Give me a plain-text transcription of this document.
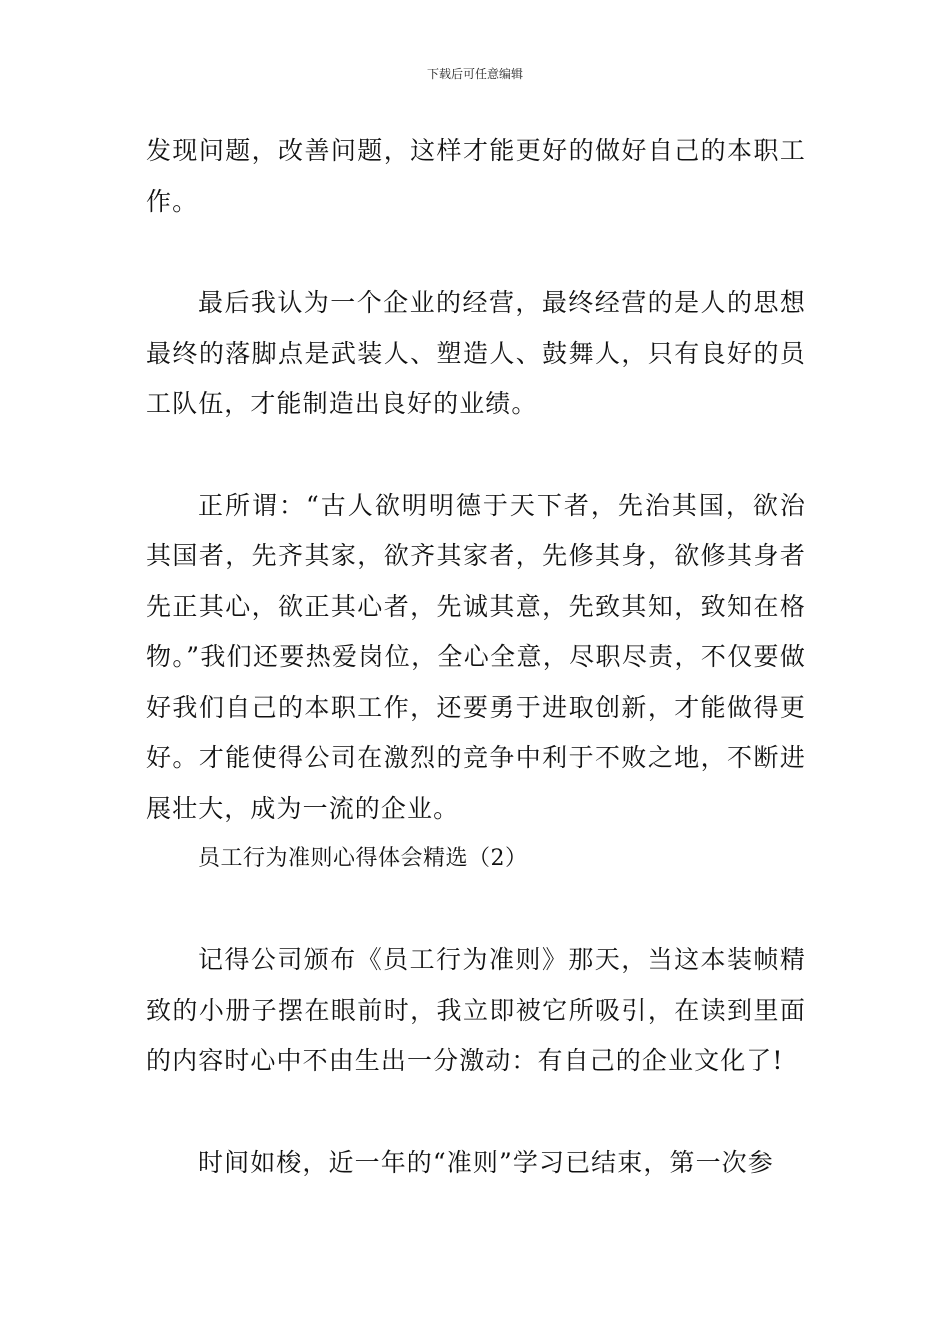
下载后可任意编辑

发现问题，改善问题，这样才能更好的做好自己的本职工作。

最后我认为一个企业的经营，最终经营的是人的思想最终的落脚点是武装人、塑造人、鼓舞人，只有良好的员工队伍，才能制造出良好的业绩。

正所谓：“古人欲明明德于天下者，先治其国，欲治其国者，先齐其家，欲齐其家者，先修其身，欲修其身者先正其心，欲正其心者，先诚其意，先致其知，致知在格物。”我们还要热爱岗位，全心全意，尽职尽责，不仅要做好我们自己的本职工作，还要勇于进取创新，才能做得更好。才能使得公司在激烈的竞争中利于不败之地，不断进展壮大，成为一流的企业。

员工行为准则心得体会精选（2）

记得公司颁布《员工行为准则》那天，当这本装帧精致的小册子摆在眼前时，我立即被它所吸引，在读到里面的内容时心中不由生出一分激动：有自己的企业文化了!

时间如梭，近一年的“准则”学习已结束，第一次参
